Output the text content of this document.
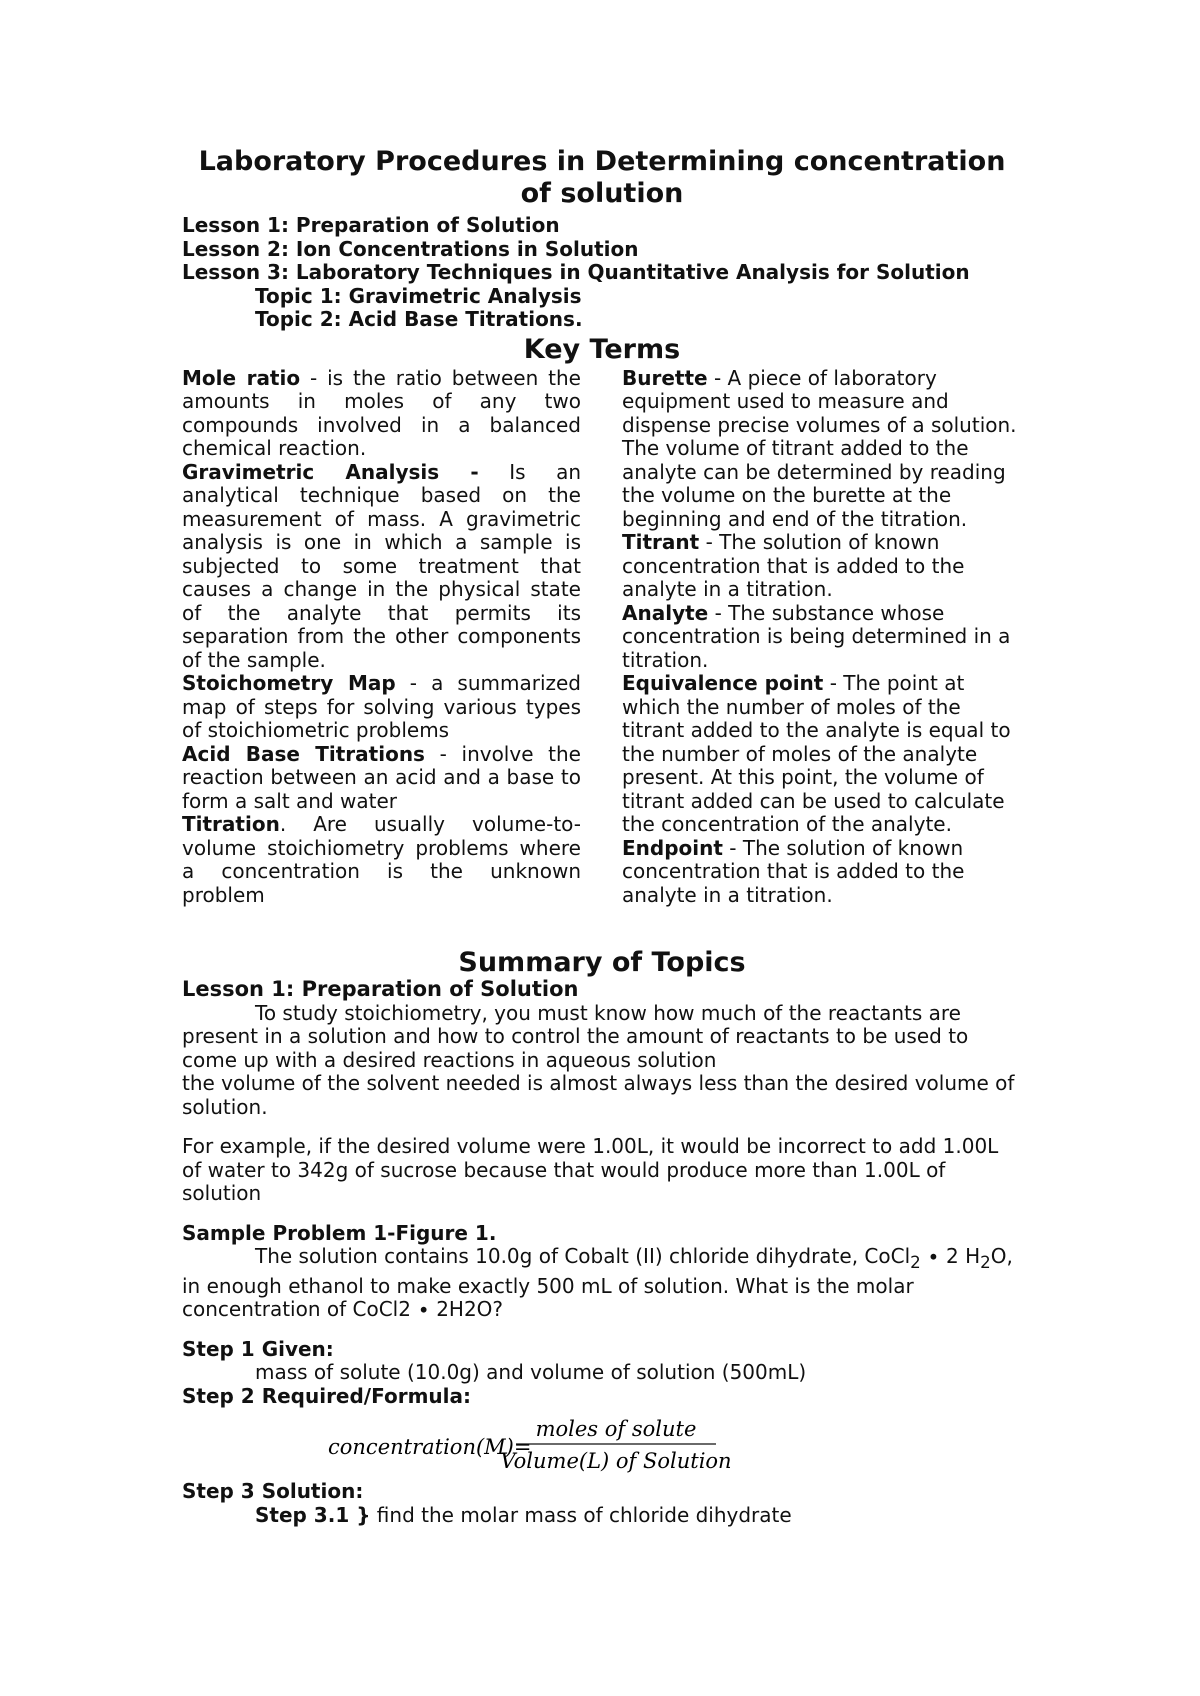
Laboratory Procedures in Determining concentration of solution

Lesson 1: Preparation of Solution

Lesson 2: Ion Concentrations in Solution

Lesson 3: Laboratory Techniques in Quantitative Analysis for Solution

Topic 1: Gravimetric Analysis

Topic 2: Acid Base Titrations.

Key Terms

Mole ratio - is the ratio between the amounts in moles of any two compounds involved in a balanced chemical reaction.

Gravimetric Analysis - Is an analytical technique based on the measurement of mass. A gravimetric analysis is one in which a sample is subjected to some treatment that causes a change in the physical state of the analyte that permits its separation from the other components of the sample.

Stoichometry Map - a summarized map of steps for solving various types of stoichiometric problems

Acid Base Titrations - involve the reaction between an acid and a base to form a salt and water

Titration. Are usually volume-to-volume stoichiometry problems where a concentration is the unknown problem

Burette - A piece of laboratory equipment used to measure and dispense precise volumes of a solution. The volume of titrant added to the analyte can be determined by reading the volume on the burette at the beginning and end of the titration.

Titrant - The solution of known concentration that is added to the analyte in a titration.

Analyte - The substance whose concentration is being determined in a titration.

Equivalence point - The point at which the number of moles of the titrant added to the analyte is equal to the number of moles of the analyte present. At this point, the volume of titrant added can be used to calculate the concentration of the analyte.

Endpoint - The solution of known concentration that is added to the analyte in a titration.

Summary of Topics

Lesson 1: Preparation of Solution

To study stoichiometry, you must know how much of the reactants are present in a solution and how to control the amount of reactants to be used to come up with a desired reactions in aqueous solution

the volume of the solvent needed is almost always less than the desired volume of solution.

For example, if the desired volume were 1.00L, it would be incorrect to add 1.00L of water to 342g of sucrose because that would produce more than 1.00L of solution

Sample Problem 1-Figure 1.

The solution contains 10.0g of Cobalt (II) chloride dihydrate, CoCl$_2$ ∙ 2 $H_2O$, in enough ethanol to make exactly 500 mL of solution. What is the molar concentration of CoCl2 ∙ 2H2O?

Step 1 Given:

mass of solute (10.0g) and volume of solution (500mL)

Step 2 Required/Formula:

concentration(M)=
moles of solute
Volume(L) of Solution

Step 3 Solution:

Step 3.1 } find the molar mass of chloride dihydrate
